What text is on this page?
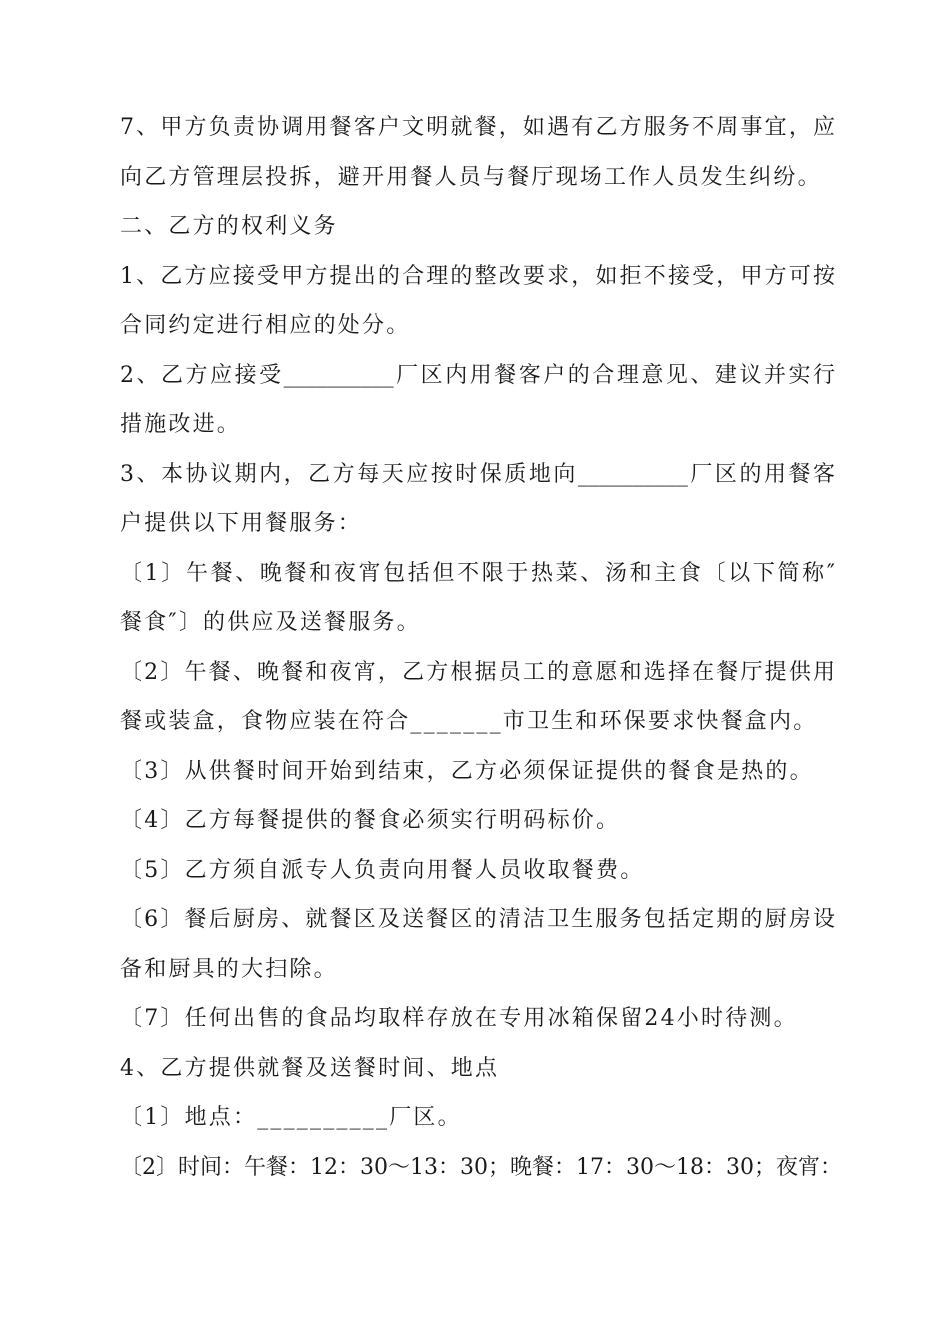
7、甲方负责协调用餐客户文明就餐，如遇有乙方服务不周事宜，应
向乙方管理层投拆，避开用餐人员与餐厅现场工作人员发生纠纷。
二、乙方的权利义务
1、乙方应接受甲方提出的合理的整改要求，如拒不接受，甲方可按
合同约定进行相应的处分。
2、乙方应接受__________厂区内用餐客户的合理意见、建议并实行
措施改进。
3、本协议期内，乙方每天应按时保质地向__________厂区的用餐客
户提供以下用餐服务：
〔1〕午餐、晚餐和夜宵包括但不限于热菜、汤和主食〔以下简称″
餐食″〕的供应及送餐服务。
〔2〕午餐、晚餐和夜宵，乙方根据员工的意愿和选择在餐厅提供用
餐或装盒，食物应装在符合_______市卫生和环保要求快餐盒内。
〔3〕从供餐时间开始到结束，乙方必须保证提供的餐食是热的。
〔4〕乙方每餐提供的餐食必须实行明码标价。
〔5〕乙方须自派专人负责向用餐人员收取餐费。
〔6〕餐后厨房、就餐区及送餐区的清洁卫生服务包括定期的厨房设
备和厨具的大扫除。
〔7〕任何出售的食品均取样存放在专用冰箱保留24小时待测。
4、乙方提供就餐及送餐时间、地点
〔1〕地点：__________厂区。
〔2〕时间：午餐：12：30～13：30；晚餐：17：30～18：30；夜宵：
